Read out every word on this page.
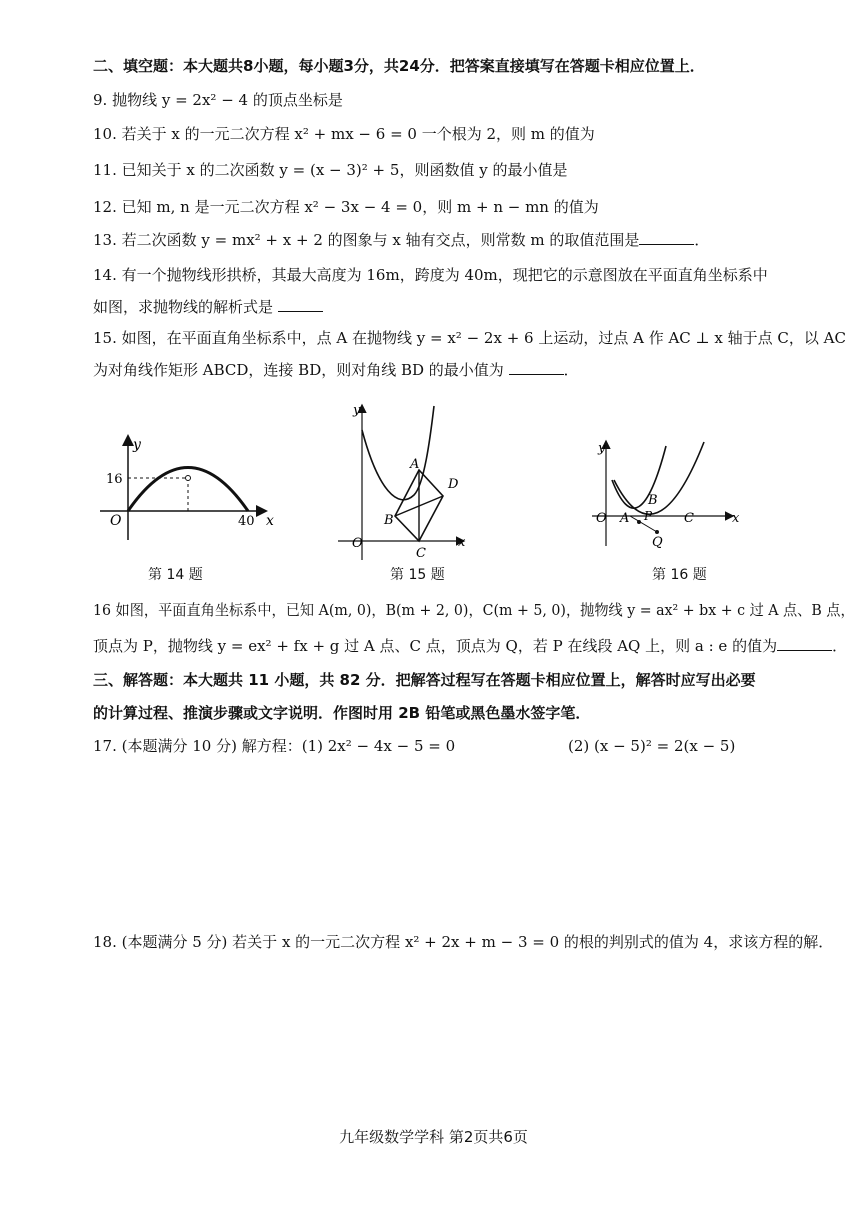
二、填空题：本大题共8小题，每小题3分，共24分．把答案直接填写在答题卡相应位置上．
9. 抛物线 y = 2x² − 4 的顶点坐标是
10. 若关于 x 的一元二次方程 x² + mx − 6 = 0 一个根为 2，则 m 的值为
11. 已知关于 x 的二次函数 y = (x − 3)² + 5，则函数值 y 的最小值是
12. 已知 m, n 是一元二次方程 x² − 3x − 4 = 0，则 m + n − mn 的值为
13. 若二次函数 y = mx² + x + 2 的图象与 x 轴有交点，则常数 m 的取值范围是	．
14. 有一个抛物线形拱桥，其最大高度为 16m，跨度为 40m，现把它的示意图放在平面直角坐标系中
如图，求抛物线的解析式是
15. 如图，在平面直角坐标系中，点 A 在抛物线 y = x² − 2x + 6 上运动，过点 A 作 AC ⊥ x 轴于点 C，以 AC
为对角线作矩形 ABCD，连接 BD，则对角线 BD 的最小值为	．
y
x
O
16
40
第 14 题
y
x
O
A
B
C
D
第 15 题
y
x
O A
B
C
P
Q
第 16 题
16 如图，平面直角坐标系中，已知 A(m, 0)，B(m + 2, 0)，C(m + 5, 0)，抛物线 y = ax² + bx + c 过 A 点、B 点，
顶点为 P，抛物线 y = ex² + fx + g 过 A 点、C 点，顶点为 Q，若 P 在线段 AQ 上，则 a : e 的值为	．
三、解答题：本大题共 11 小题，共 82 分．把解答过程写在答题卡相应位置上，解答时应写出必要
的计算过程、推演步骤或文字说明．作图时用 2B 铅笔或黑色墨水签字笔．
17. (本题满分 10 分) 解方程：(1) 2x² − 4x − 5 = 0	(2) (x − 5)² = 2(x − 5)
18. (本题满分 5 分) 若关于 x 的一元二次方程 x² + 2x + m − 3 = 0 的根的判别式的值为 4，求该方程的解．
九年级数学学科 第2页共6页
